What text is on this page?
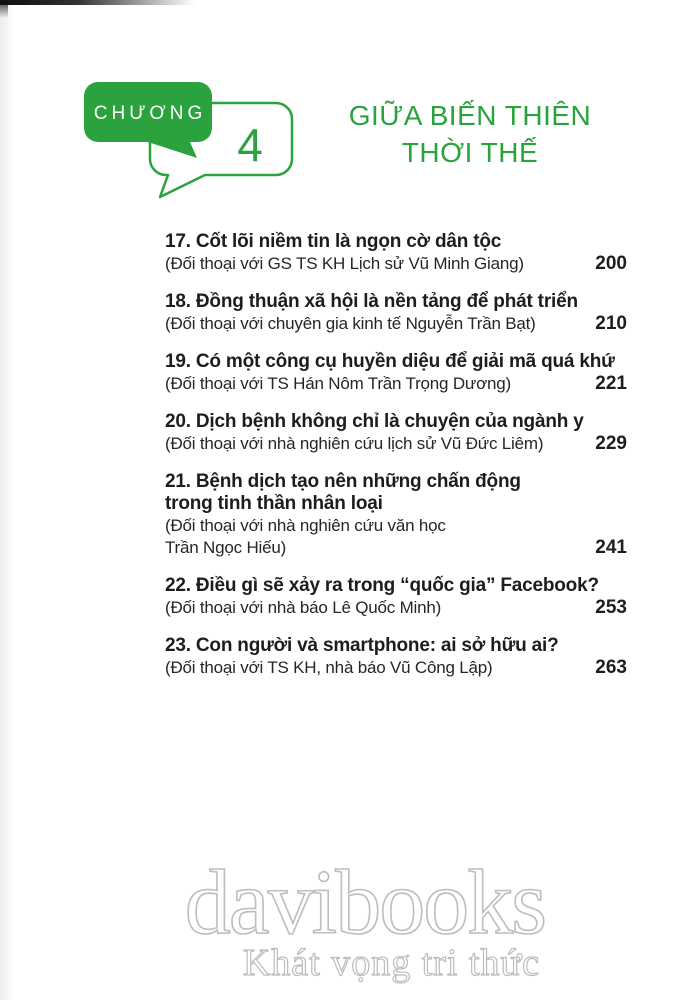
CHƯƠNG
4
GIỮA BIẾN THIÊN
THỜI THẾ
17. Cốt lõi niềm tin là ngọn cờ dân tộc
(Đối thoại với GS TS KH Lịch sử Vũ Minh Giang)	200
18. Đồng thuận xã hội là nền tảng để phát triển
(Đối thoại với chuyên gia kinh tế Nguyễn Trần Bạt)	210
19. Có một công cụ huyền diệu để giải mã quá khứ
(Đối thoại với TS Hán Nôm Trần Trọng Dương)	221
20. Dịch bệnh không chỉ là chuyện của ngành y
(Đối thoại với nhà nghiên cứu lịch sử Vũ Đức Liêm)	229
21. Bệnh dịch tạo nên những chấn động
trong tinh thần nhân loại
(Đối thoại với nhà nghiên cứu văn học
Trần Ngọc Hiếu)	241
22. Điều gì sẽ xảy ra trong “quốc gia” Facebook?
(Đối thoại với nhà báo Lê Quốc Minh)	253
23. Con người và smartphone: ai sở hữu ai?
(Đối thoại với TS KH, nhà báo Vũ Công Lập)	263
davibooks
Khát vọng tri thức
